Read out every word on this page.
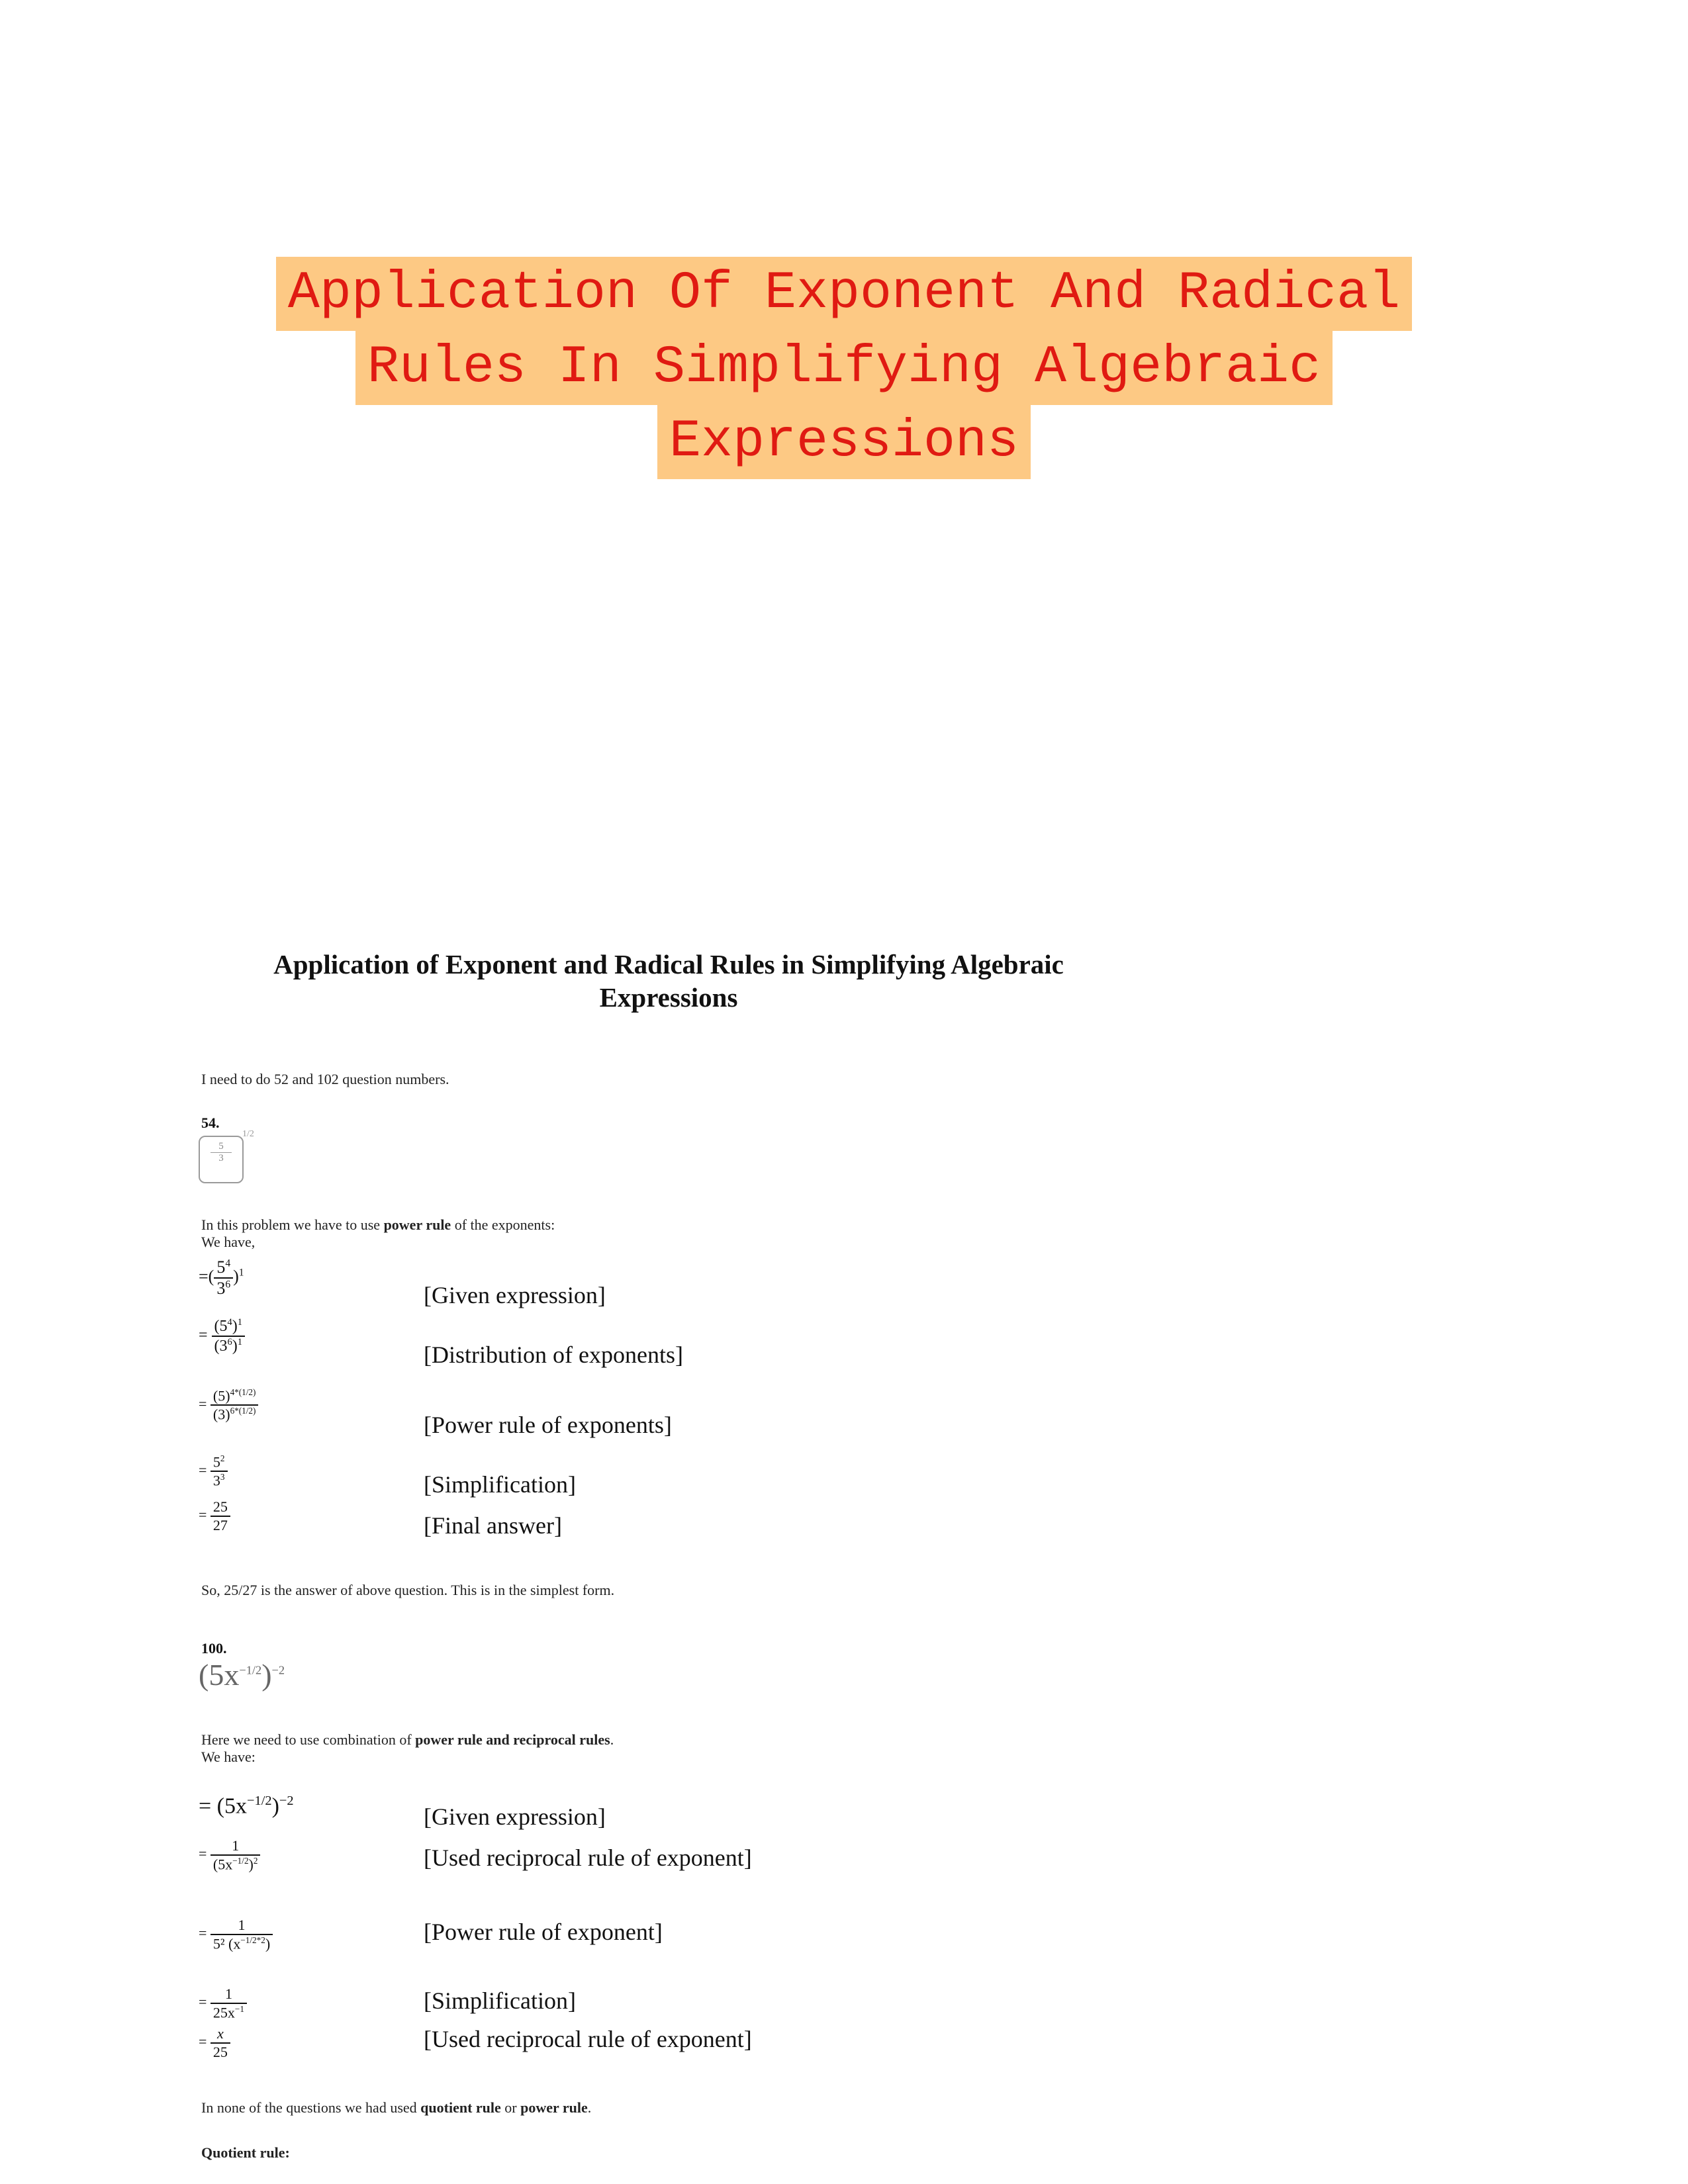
Application Of Exponent And Radical
Rules In Simplifying Algebraic
Expressions
Application of Exponent and Radical Rules in Simplifying Algebraic
Expressions
I need to do 52 and 102 question numbers.
54.
$\frac{5}{3}$
1/2
In this problem we have to use power rule of the exponents:
We have,
=( $\frac{5^4}{3^6} )^1$
= $\frac{(5^4)^1}{(3^6)^1}$
= $\frac{(5)^{4*(1/2)}}{(3)^{6*(1/2)}}$
= $\frac{5^2}{3^3}$
= $\frac{25}{27}$
[Given expression]
[Distribution of exponents]
[Power rule of exponents]
[Simplification]
[Final answer]
So, 25/27 is the answer of above question. This is in the simplest form.
100.
$(5x^{-1/2})^{-2}$
Here we need to use combination of power rule and reciprocal rules.
We have:
= $(5x^{-1/2})^{-2}$
= $\frac{1}{(5x^{-1/2})^2}$
= $\frac{1}{5^2 (x^{-1/2*2})}$
= $\frac{1}{25x^{-1}}$
= $\frac{x}{25}$
[Given expression]
[Used reciprocal rule of exponent]
[Power rule of exponent]
[Simplification]
[Used reciprocal rule of exponent]
In none of the questions we had used quotient rule or power rule.
Quotient rule:
